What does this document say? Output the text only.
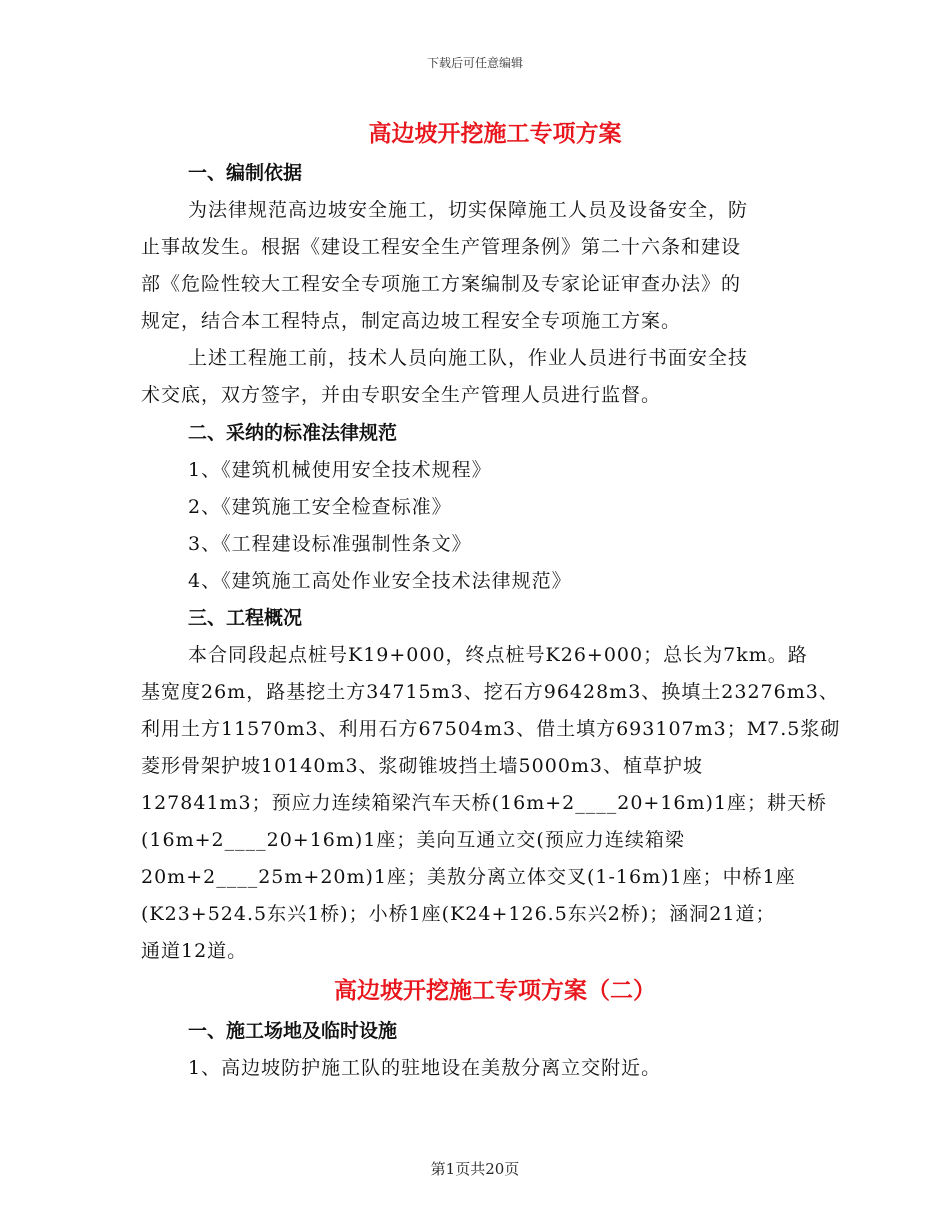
下载后可任意编辑
高边坡开挖施工专项方案
一、编制依据
为法律规范高边坡安全施工，切实保障施工人员及设备安全，防
止事故发生。根据《建设工程安全生产管理条例》第二十六条和建设
部《危险性较大工程安全专项施工方案编制及专家论证审查办法》的
规定，结合本工程特点，制定高边坡工程安全专项施工方案。
上述工程施工前，技术人员向施工队，作业人员进行书面安全技
术交底，双方签字，并由专职安全生产管理人员进行监督。
二、采纳的标准法律规范
1、《建筑机械使用安全技术规程》
2、《建筑施工安全检查标准》
3、《工程建设标准强制性条文》
4、《建筑施工高处作业安全技术法律规范》
三、工程概况
本合同段起点桩号K19+000，终点桩号K26+000；总长为7km。路
基宽度26m，路基挖土方34715m3、挖石方96428m3、换填土23276m3、
利用土方11570m3、利用石方67504m3、借土填方693107m3；M7.5浆砌
菱形骨架护坡10140m3、浆砌锥坡挡土墙5000m3、植草护坡
127841m3；预应力连续箱梁汽车天桥(16m+2____20+16m)1座；耕天桥
(16m+2____20+16m)1座；美向互通立交(预应力连续箱梁
20m+2____25m+20m)1座；美敖分离立体交叉(1-16m)1座；中桥1座
(K23+524.5东兴1桥)；小桥1座(K24+126.5东兴2桥)；涵洞21道；
通道12道。
高边坡开挖施工专项方案（二）
一、施工场地及临时设施
1、高边坡防护施工队的驻地设在美敖分离立交附近。
第1页共20页
